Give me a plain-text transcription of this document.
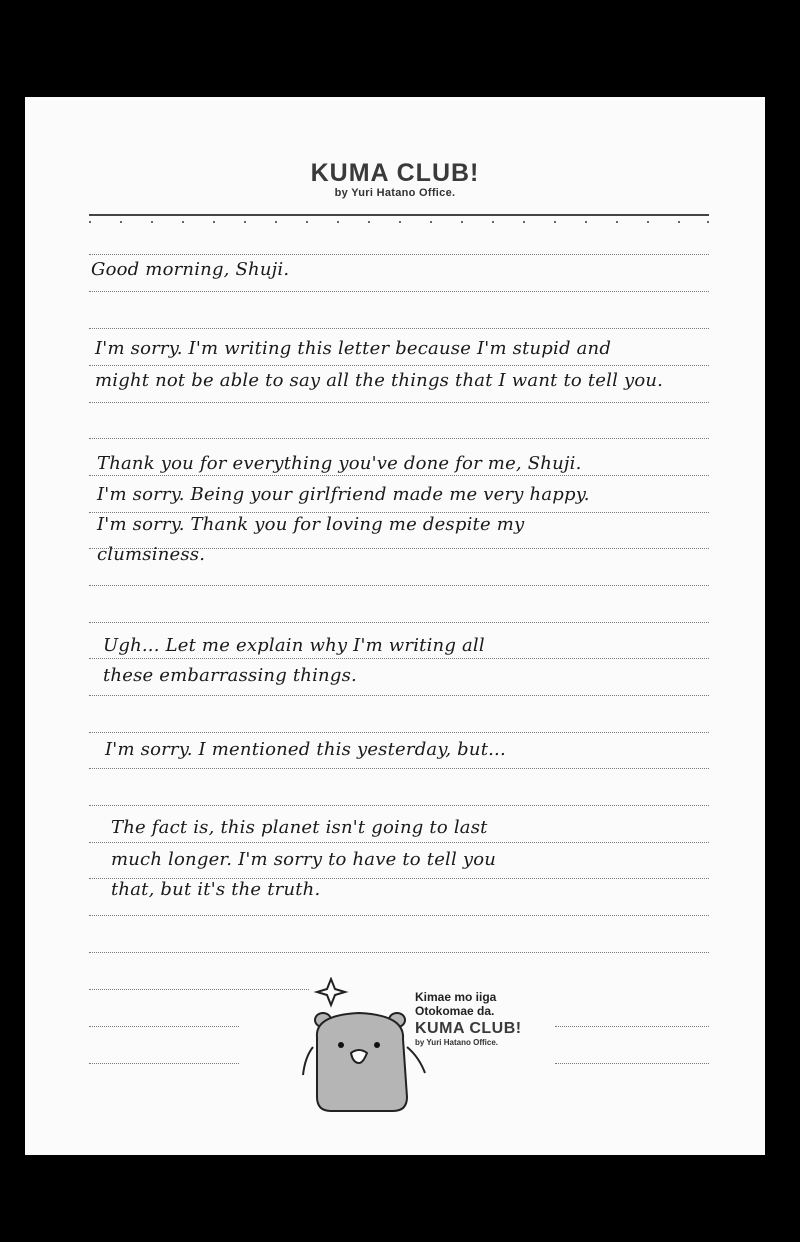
KUMA CLUB!
by Yuri Hatano Office.
Good morning, Shuji.
I'm sorry. I'm writing this letter because I'm stupid and
might not be able to say all the things that I want to tell you.
Thank you for everything you've done for me, Shuji.
I'm sorry. Being your girlfriend made me very happy.
I'm sorry. Thank you for loving me despite my
clumsiness.
Ugh... Let me explain why I'm writing all
these embarrassing things.
I'm sorry. I mentioned this yesterday, but...
The fact is, this planet isn't going to last
much longer. I'm sorry to have to tell you
that, but it's the truth.
Kimae mo iiga
Otokomae da.
KUMA CLUB!
by Yuri Hatano Office.
